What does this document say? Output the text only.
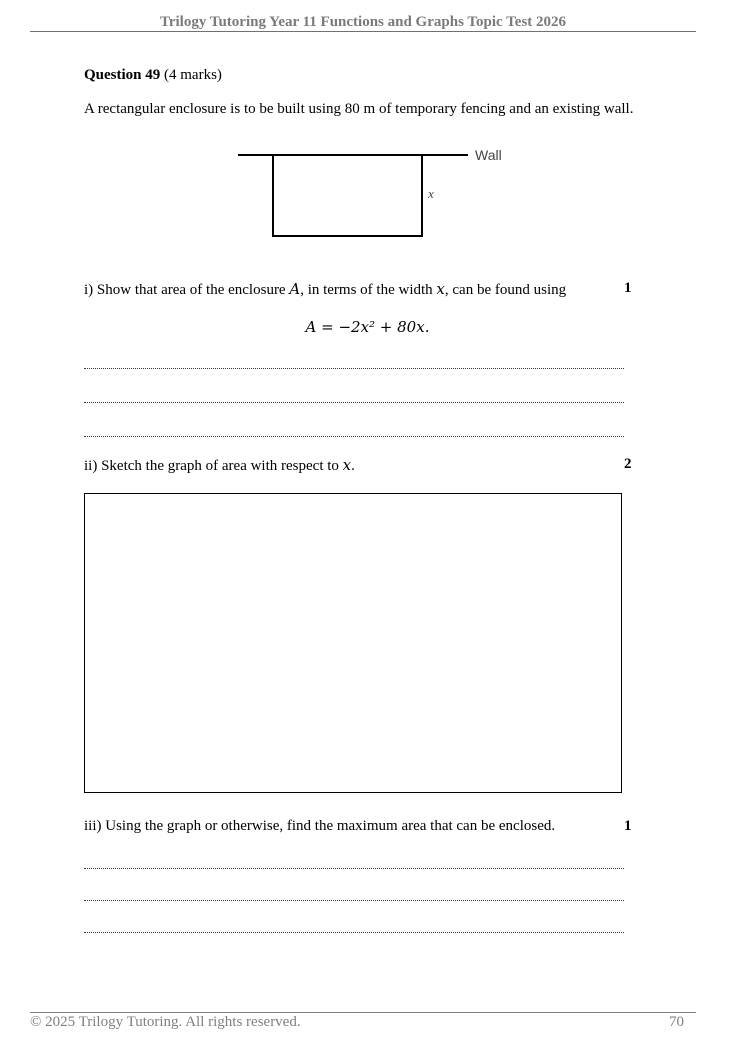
Trilogy Tutoring Year 11 Functions and Graphs Topic Test 2026
Question 49 (4 marks)
A rectangular enclosure is to be built using 80 m of temporary fencing and an existing wall.
Wall
x
i) Show that area of the enclosure A, in terms of the width x, can be found using	1
A = −2x² + 80x.
ii) Sketch the graph of area with respect to x.	2
iii) Using the graph or otherwise, find the maximum area that can be enclosed.	1
© 2025 Trilogy Tutoring. All rights reserved.	70
